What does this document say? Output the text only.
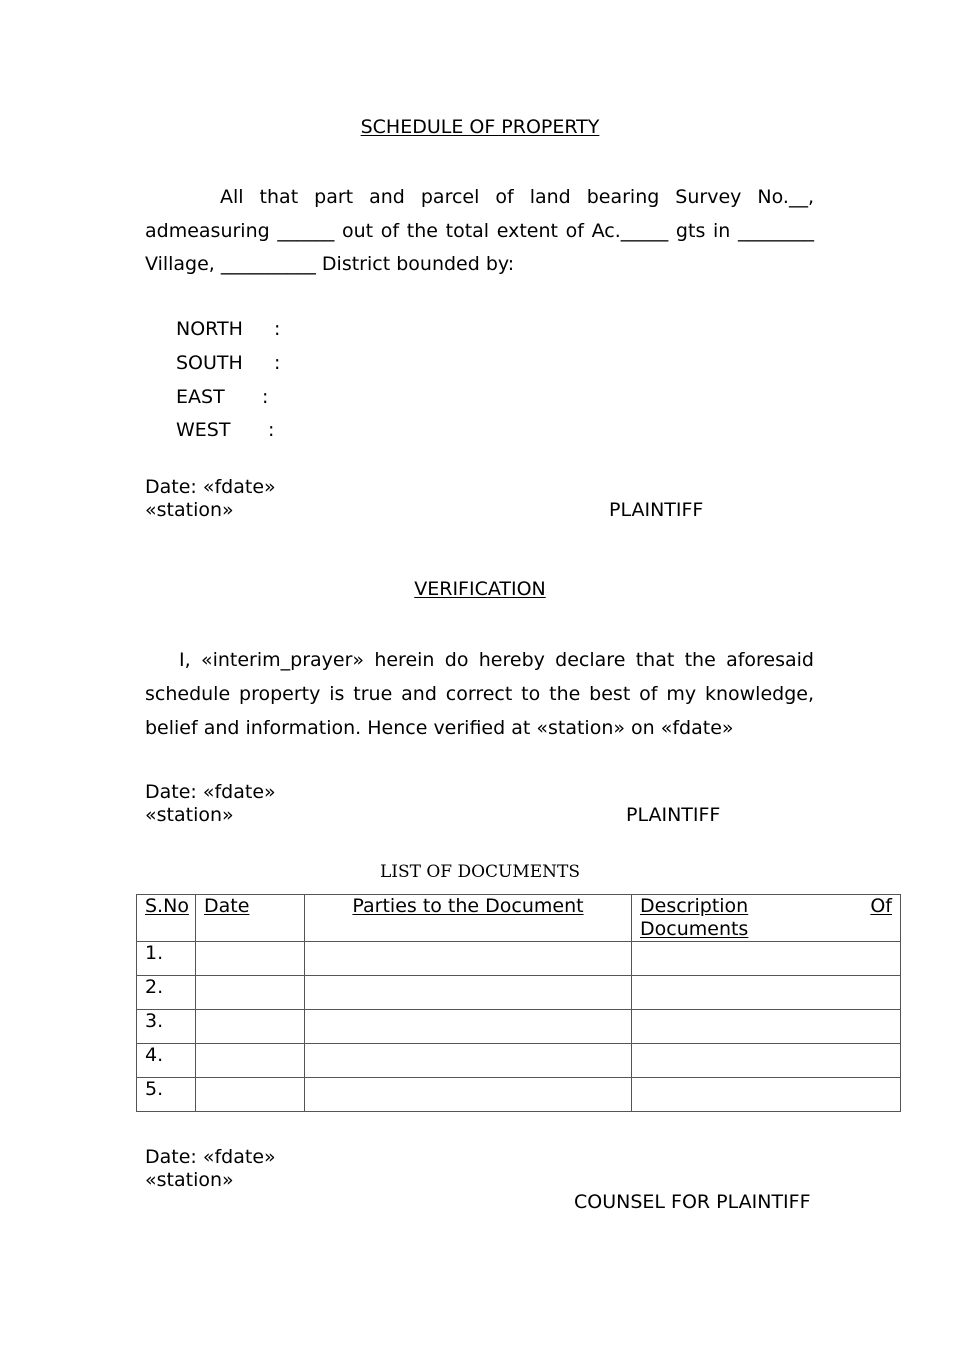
SCHEDULE OF PROPERTY
All that part and parcel of land bearing Survey No.__, admeasuring ______ out of the total extent of Ac._____ gts in ________ Village, __________ District bounded by:
NORTH :
SOUTH :
EAST :
WEST :
Date: «fdate»
«station»	PLAINTIFF
VERIFICATION
I, «interim_prayer» herein do hereby declare that the aforesaid schedule property is true and correct to the best of my knowledge, belief and information. Hence verified at «station» on «fdate»
Date: «fdate»
«station»	PLAINTIFF
LIST OF DOCUMENTS
S.No	Date	Parties to the Document	Description Of
Documents

1.			
2.			
3.			
4.			
5.			
Date: «fdate»
«station»
COUNSEL FOR PLAINTIFF
